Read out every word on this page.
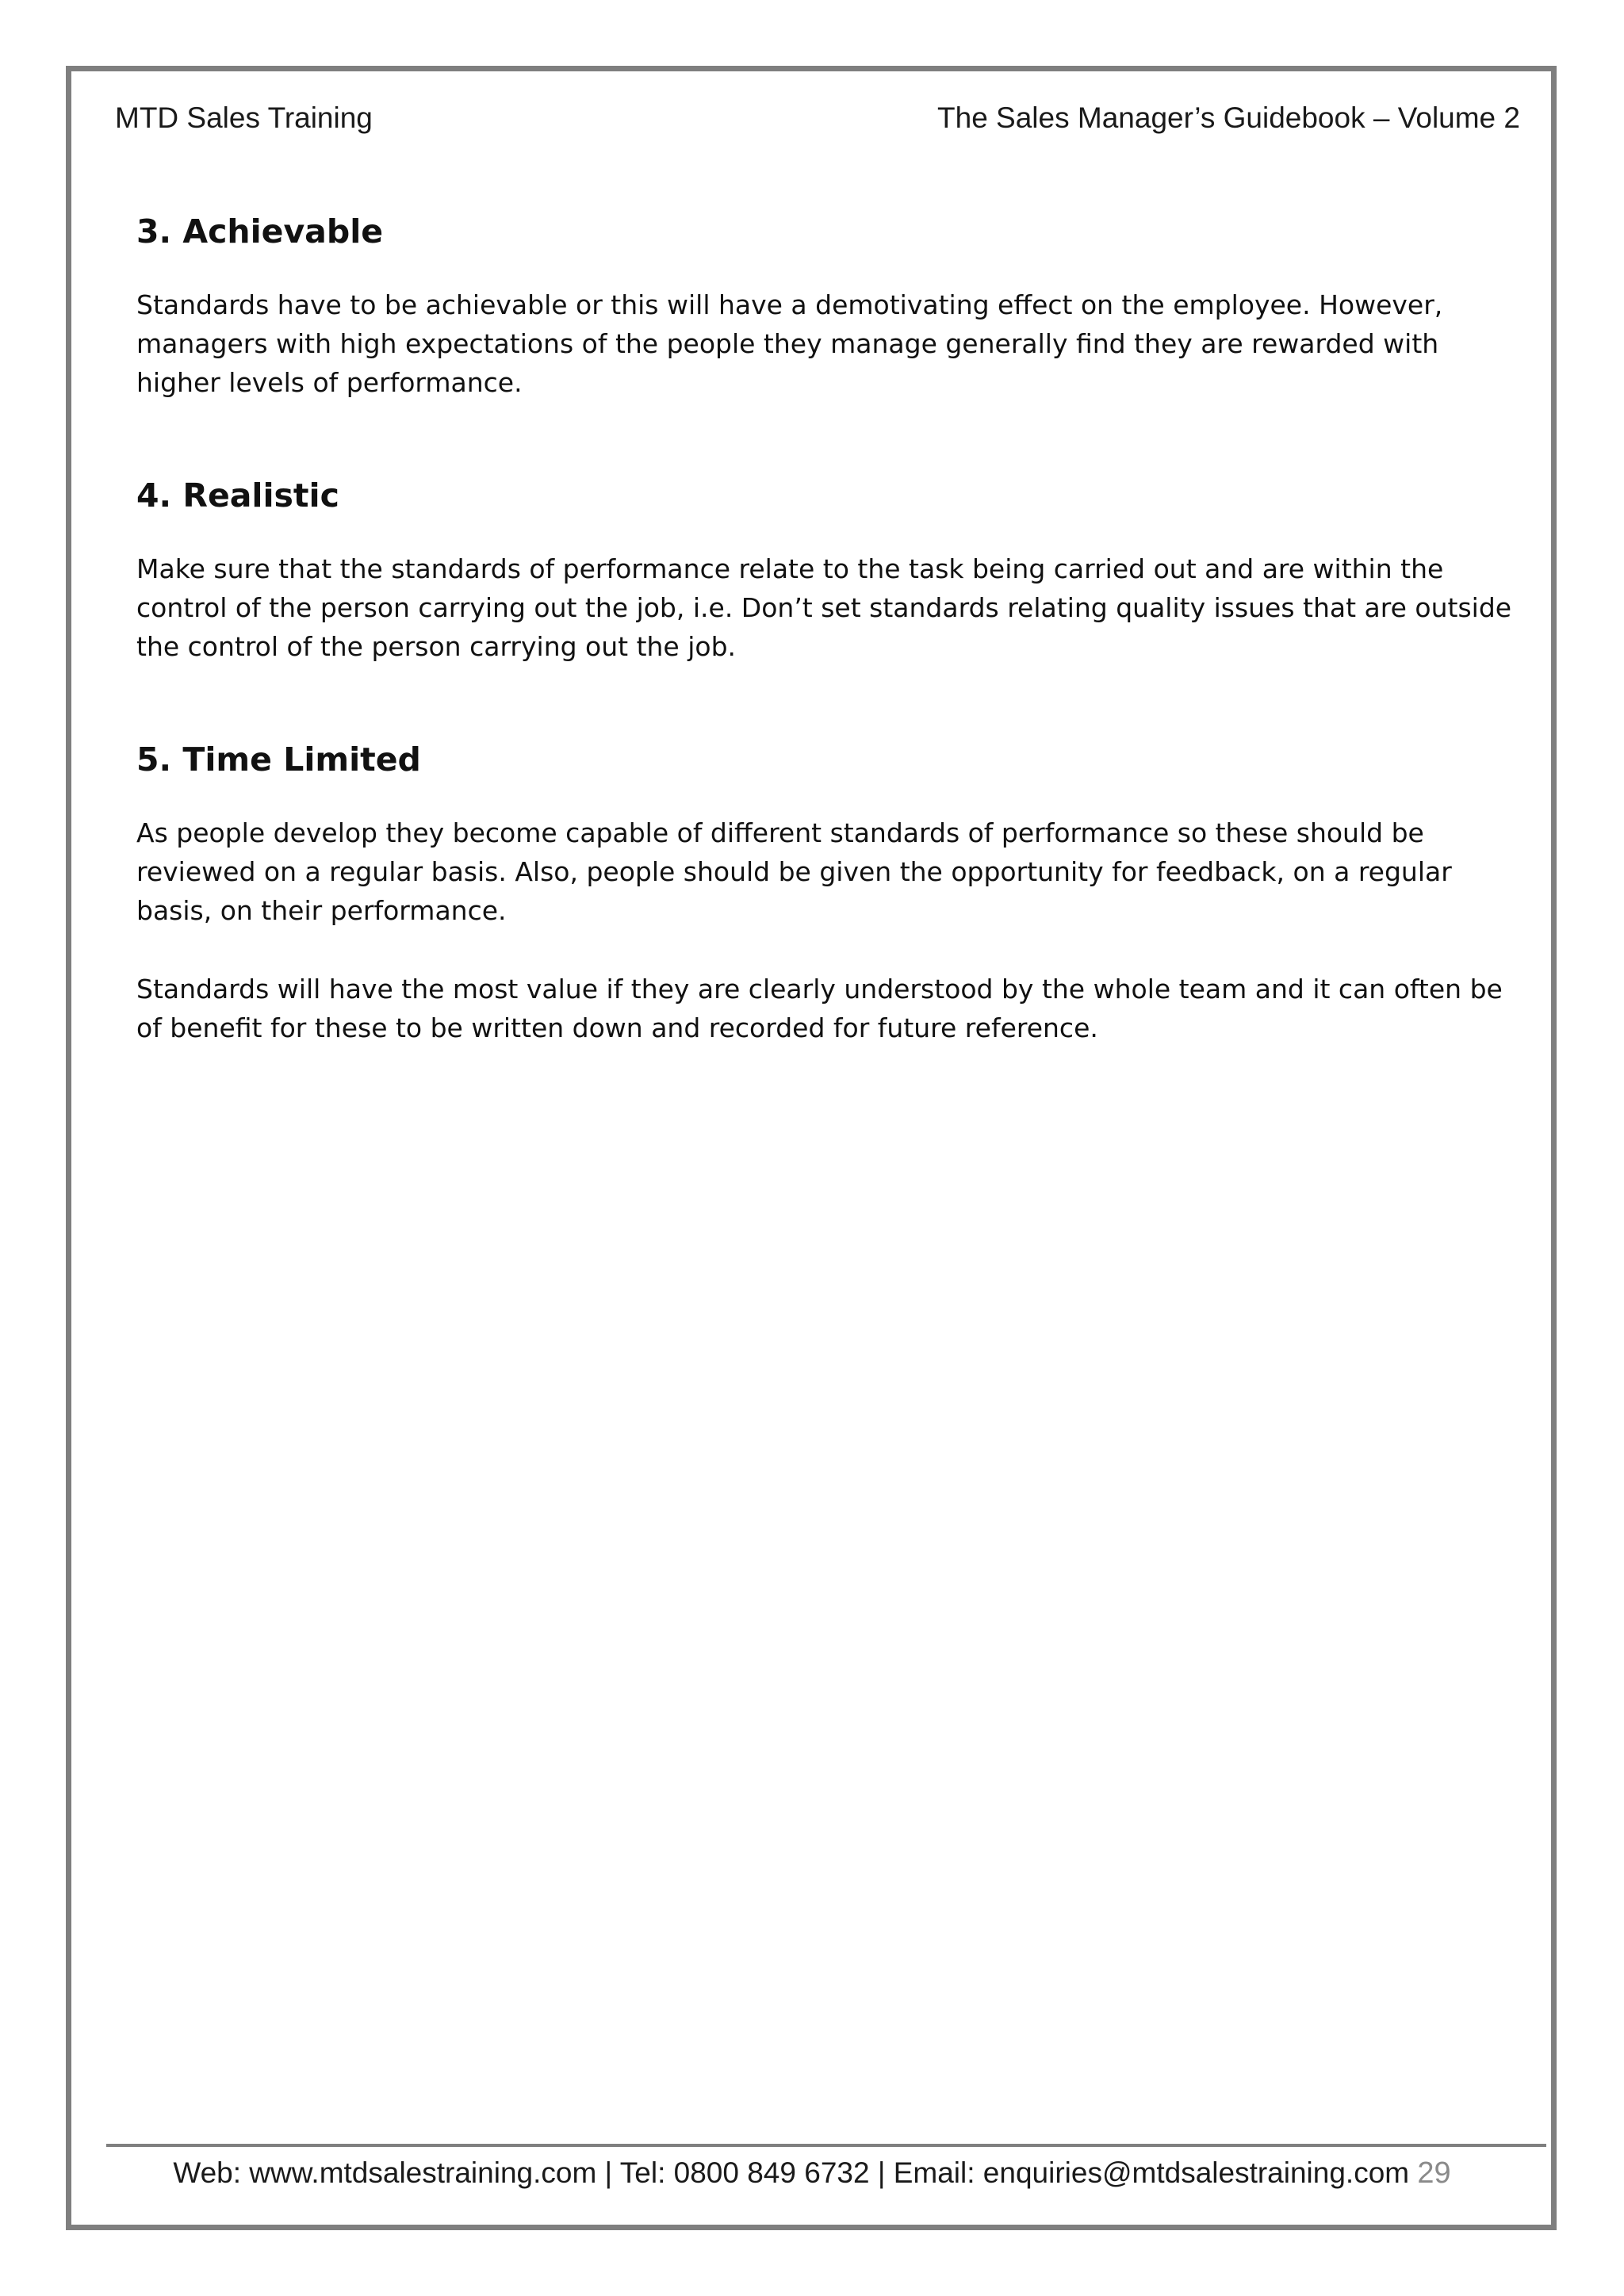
MTD Sales Training	The Sales Manager’s Guidebook – Volume 2
3. Achievable

Standards have to be achievable or this will have a demotivating effect on the employee. However, managers with high expectations of the people they manage generally find they are rewarded with higher levels of performance.

4. Realistic

Make sure that the standards of performance relate to the task being carried out and are within the control of the person carrying out the job, i.e. Don’t set standards relating quality issues that are outside the control of the person carrying out the job.

5. Time Limited

As people develop they become capable of different standards of performance so these should be reviewed on a regular basis. Also, people should be given the opportunity for feedback, on a regular basis, on their performance.

Standards will have the most value if they are clearly understood by the whole team and it can often be of benefit for these to be written down and recorded for future reference.

Web: www.mtdsalestraining.com | Tel: 0800 849 6732 | Email: enquiries@mtdsalestraining.com 29
